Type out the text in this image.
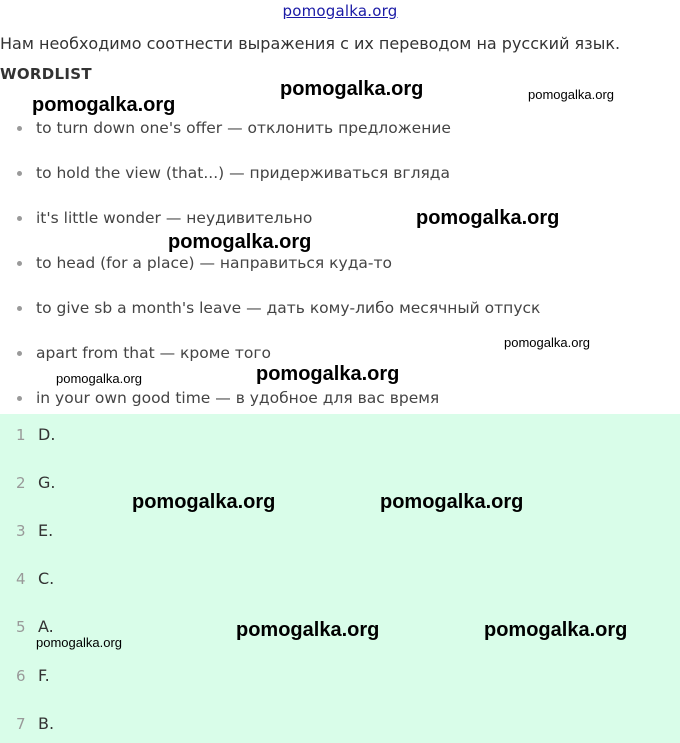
pomogalka.org
Нам необходимо соотнести выражения с их переводом на русский язык.
WORDLIST
to turn down one's offer — отклонить предложение
to hold the view (that...) — придерживаться вгляда
it's little wonder — неудивительно
to head (for a place) — направиться куда-то
to give sb a month's leave — дать кому-либо месячный отпуск
apart from that — кроме того
in your own good time — в удобное для вас время
1 D.
2 G.
3 E.
4 C.
5 A.
6 F.
7 B.
pomogalka.org
pomogalka.org	pomogalka.org
pomogalka.org
pomogalka.org
pomogalka.org
pomogalka.org	pomogalka.org
pomogalka.org	pomogalka.org
pomogalka.org	pomogalka.org
pomogalka.org
